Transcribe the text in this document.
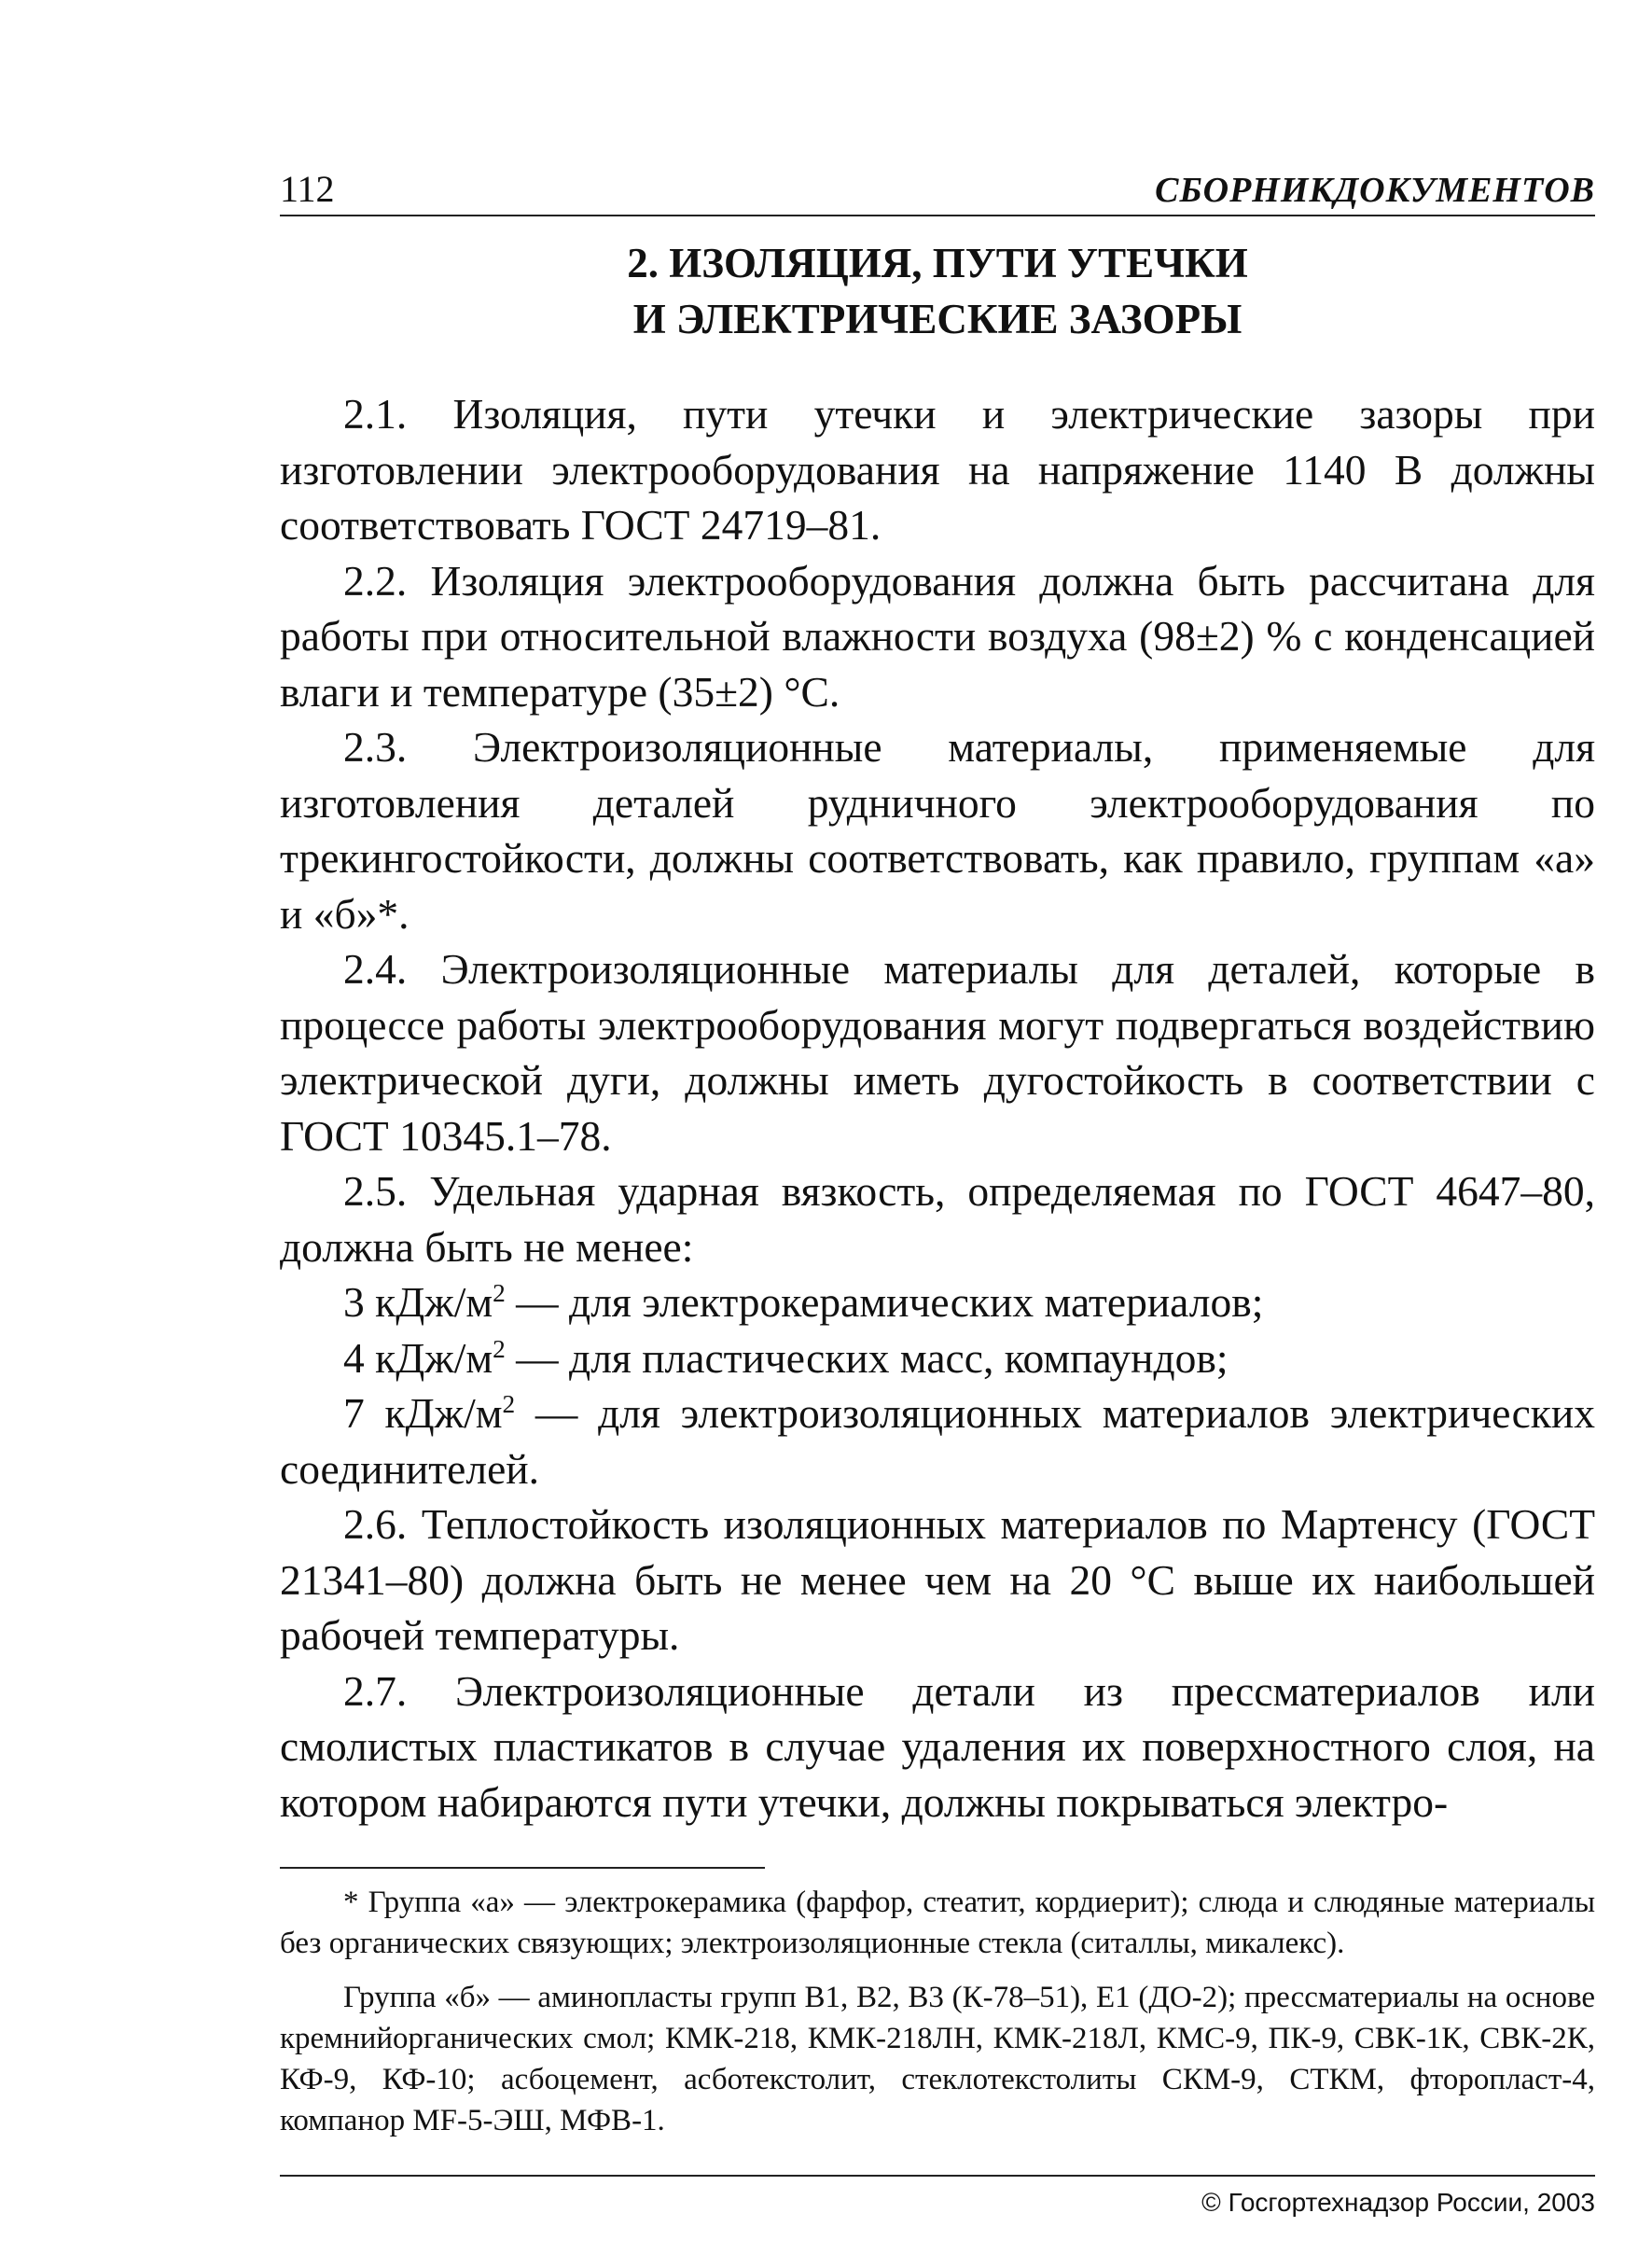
112	СБОРНИКДОКУМЕНТОВ
2. ИЗОЛЯЦИЯ, ПУТИ УТЕЧКИ
И ЭЛЕКТРИЧЕСКИЕ ЗАЗОРЫ

2.1. Изоляция, пути утечки и электрические зазоры при изготовлении электрооборудования на напряжение 1140 В должны соответствовать ГОСТ 24719–81.

2.2. Изоляция электрооборудования должна быть рассчитана для работы при относительной влажности воздуха (98±2) % с конденсацией влаги и температуре (35±2) °С.

2.3. Электроизоляционные материалы, применяемые для изготовления деталей рудничного электрооборудования по трекингостойкости, должны соответствовать, как правило, группам «а» и «б»*.

2.4. Электроизоляционные материалы для деталей, которые в процессе работы электрооборудования могут подвергаться воздействию электрической дуги, должны иметь дугостойкость в соответствии с ГОСТ 10345.1–78.

2.5. Удельная ударная вязкость, определяемая по ГОСТ 4647–80, должна быть не менее:

3 кДж/$м^2$ — для электрокерамических материалов;

4 кДж/$м^2$ — для пластических масс, компаундов;

7 кДж/$м^2$ — для электроизоляционных материалов электрических соединителей.

2.6. Теплостойкость изоляционных материалов по Мартенсу (ГОСТ 21341–80) должна быть не менее чем на 20 °С выше их наибольшей рабочей температуры.

2.7. Электроизоляционные детали из прессматериалов или смолистых пластикатов в случае удаления их поверхностного слоя, на котором набираются пути утечки, должны покрываться электро-

* Группа «а» — электрокерамика (фарфор, стеатит, кордиерит); слюда и слюдяные материалы без органических связующих; электроизоляционные стекла (ситаллы, микалекс).

Группа «б» — аминопласты групп В1, В2, В3 (К-78–51), Е1 (ДО-2); прессматериалы на основе кремнийорганических смол; КМК-218, КМК-218ЛН, КМК-218Л, КМС-9, ПК-9, СВК-1К, СВК-2К, КФ-9, КФ-10; асбоцемент, асботекстолит, стеклотекстолиты СКМ-9, СТКМ, фторопласт-4, компанор МF-5-ЭШ, МФВ-1.

© Госгортехнадзор России, 2003
